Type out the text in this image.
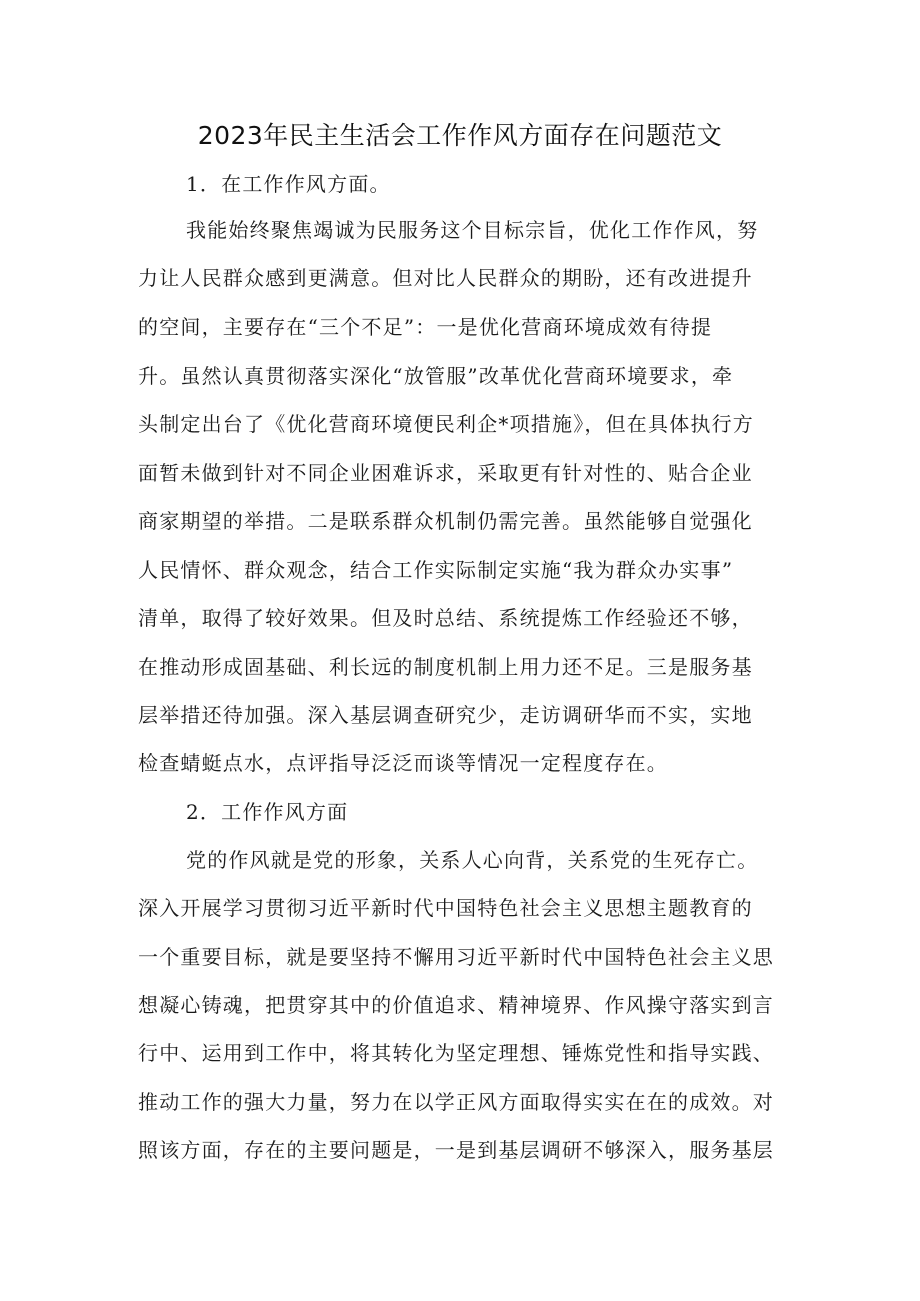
2023年民主生活会工作作风方面存在问题范文
1．在工作作风方面。
我能始终聚焦竭诚为民服务这个目标宗旨，优化工作作风，努
力让人民群众感到更满意。但对比人民群众的期盼，还有改进提升
的空间，主要存在“三个不足”：一是优化营商环境成效有待提
升。虽然认真贯彻落实深化“放管服”改革优化营商环境要求，牵
头制定出台了《优化营商环境便民利企*项措施》，但在具体执行方
面暂未做到针对不同企业困难诉求，采取更有针对性的、贴合企业
商家期望的举措。二是联系群众机制仍需完善。虽然能够自觉强化
人民情怀、群众观念，结合工作实际制定实施“我为群众办实事”
清单，取得了较好效果。但及时总结、系统提炼工作经验还不够，
在推动形成固基础、利长远的制度机制上用力还不足。三是服务基
层举措还待加强。深入基层调查研究少，走访调研华而不实，实地
检查蜻蜓点水，点评指导泛泛而谈等情况一定程度存在。
2．工作作风方面
党的作风就是党的形象，关系人心向背，关系党的生死存亡。
深入开展学习贯彻习近平新时代中国特色社会主义思想主题教育的
一个重要目标，就是要坚持不懈用习近平新时代中国特色社会主义思
想凝心铸魂，把贯穿其中的价值追求、精神境界、作风操守落实到言
行中、运用到工作中，将其转化为坚定理想、锤炼党性和指导实践、
推动工作的强大力量，努力在以学正风方面取得实实在在的成效。对
照该方面，存在的主要问题是，一是到基层调研不够深入，服务基层
